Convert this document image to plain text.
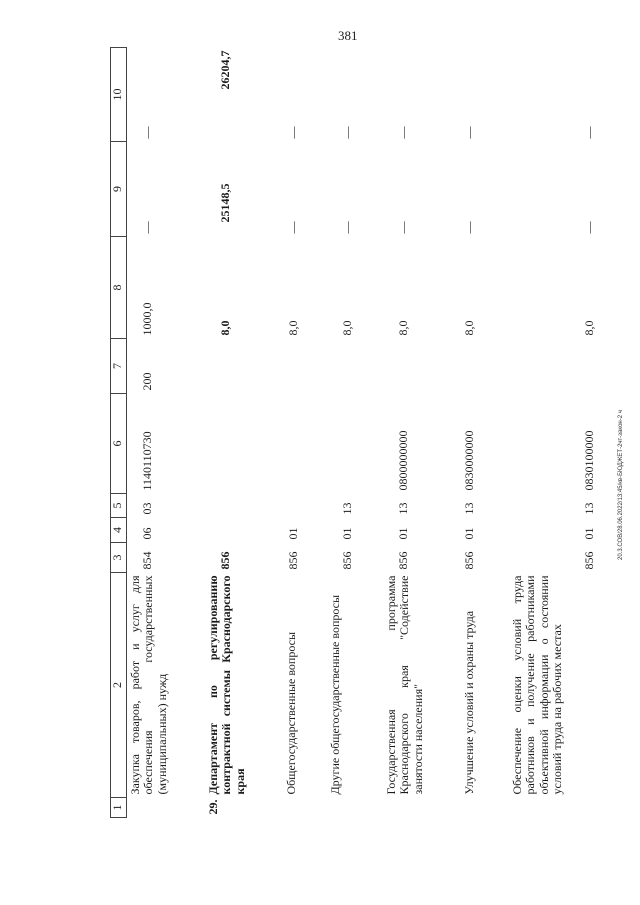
381
20.3.СОВ/28.06.2022/13:45/кв-БЮДЖЕТ-2чт-закон-2 ч
1	2	3	4	5	6	7	8	9	10
	Закупка товаров, работ и услуг для обеспечения государственных (муниципальных) нужд	854	06	03	1140110730	200	1000,0	—	—
29.	Департамент по регулированию контрактной системы Краснодарского края	856					8,0	25148,5	26204,7
	Общегосударственные вопросы	856	01				8,0	—	—
	Другие общегосударственные вопросы	856	01	13			8,0	—	—
	Государственная программа Краснодарского края "Содействие занятости населения"	856	01	13	0800000000		8,0	—	—
	Улучшение условий и охраны труда	856	01	13	0830000000		8,0	—	—
	Обеспечение оценки условий труда работников и получение работниками объективной информации о состоянии условий труда на рабочих местах	856	01	13	0830100000		8,0	—	—
